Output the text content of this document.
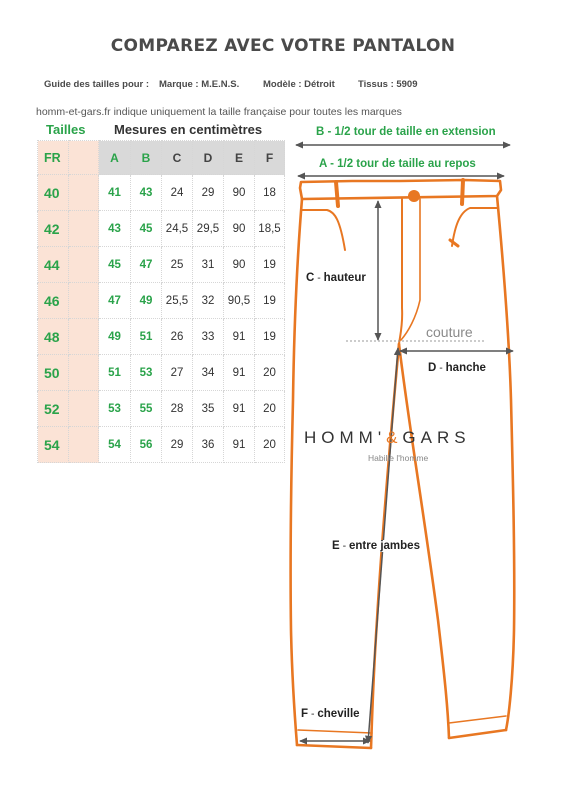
COMPAREZ AVEC VOTRE PANTALON
Guide des tailles pour : Marque : M.E.N.S.	Modèle : Détroit Tissus : 5909
homm-et-gars.fr indique uniquement la taille française pour toutes les marques
Tailles Mesures en centimètres
FR		A	B	C	D	E	F
40		41	43	24	29	90	18
42		43	45	24,5	29,5	90	18,5
44		45	47	25	31	90	19
46		47	49	25,5	32	90,5	19
48		49	51	26	33	91	19
50		51	53	27	34	91	20
52		53	55	28	35	91	20
54		54	56	29	36	91	20
B - 1/2 tour de taille en extension
A - 1/2 tour de taille au repos
C - hauteur
couture
D - hanche
E - entre jambes
F - cheville
HOMM'&GARS
Habille l'homme
